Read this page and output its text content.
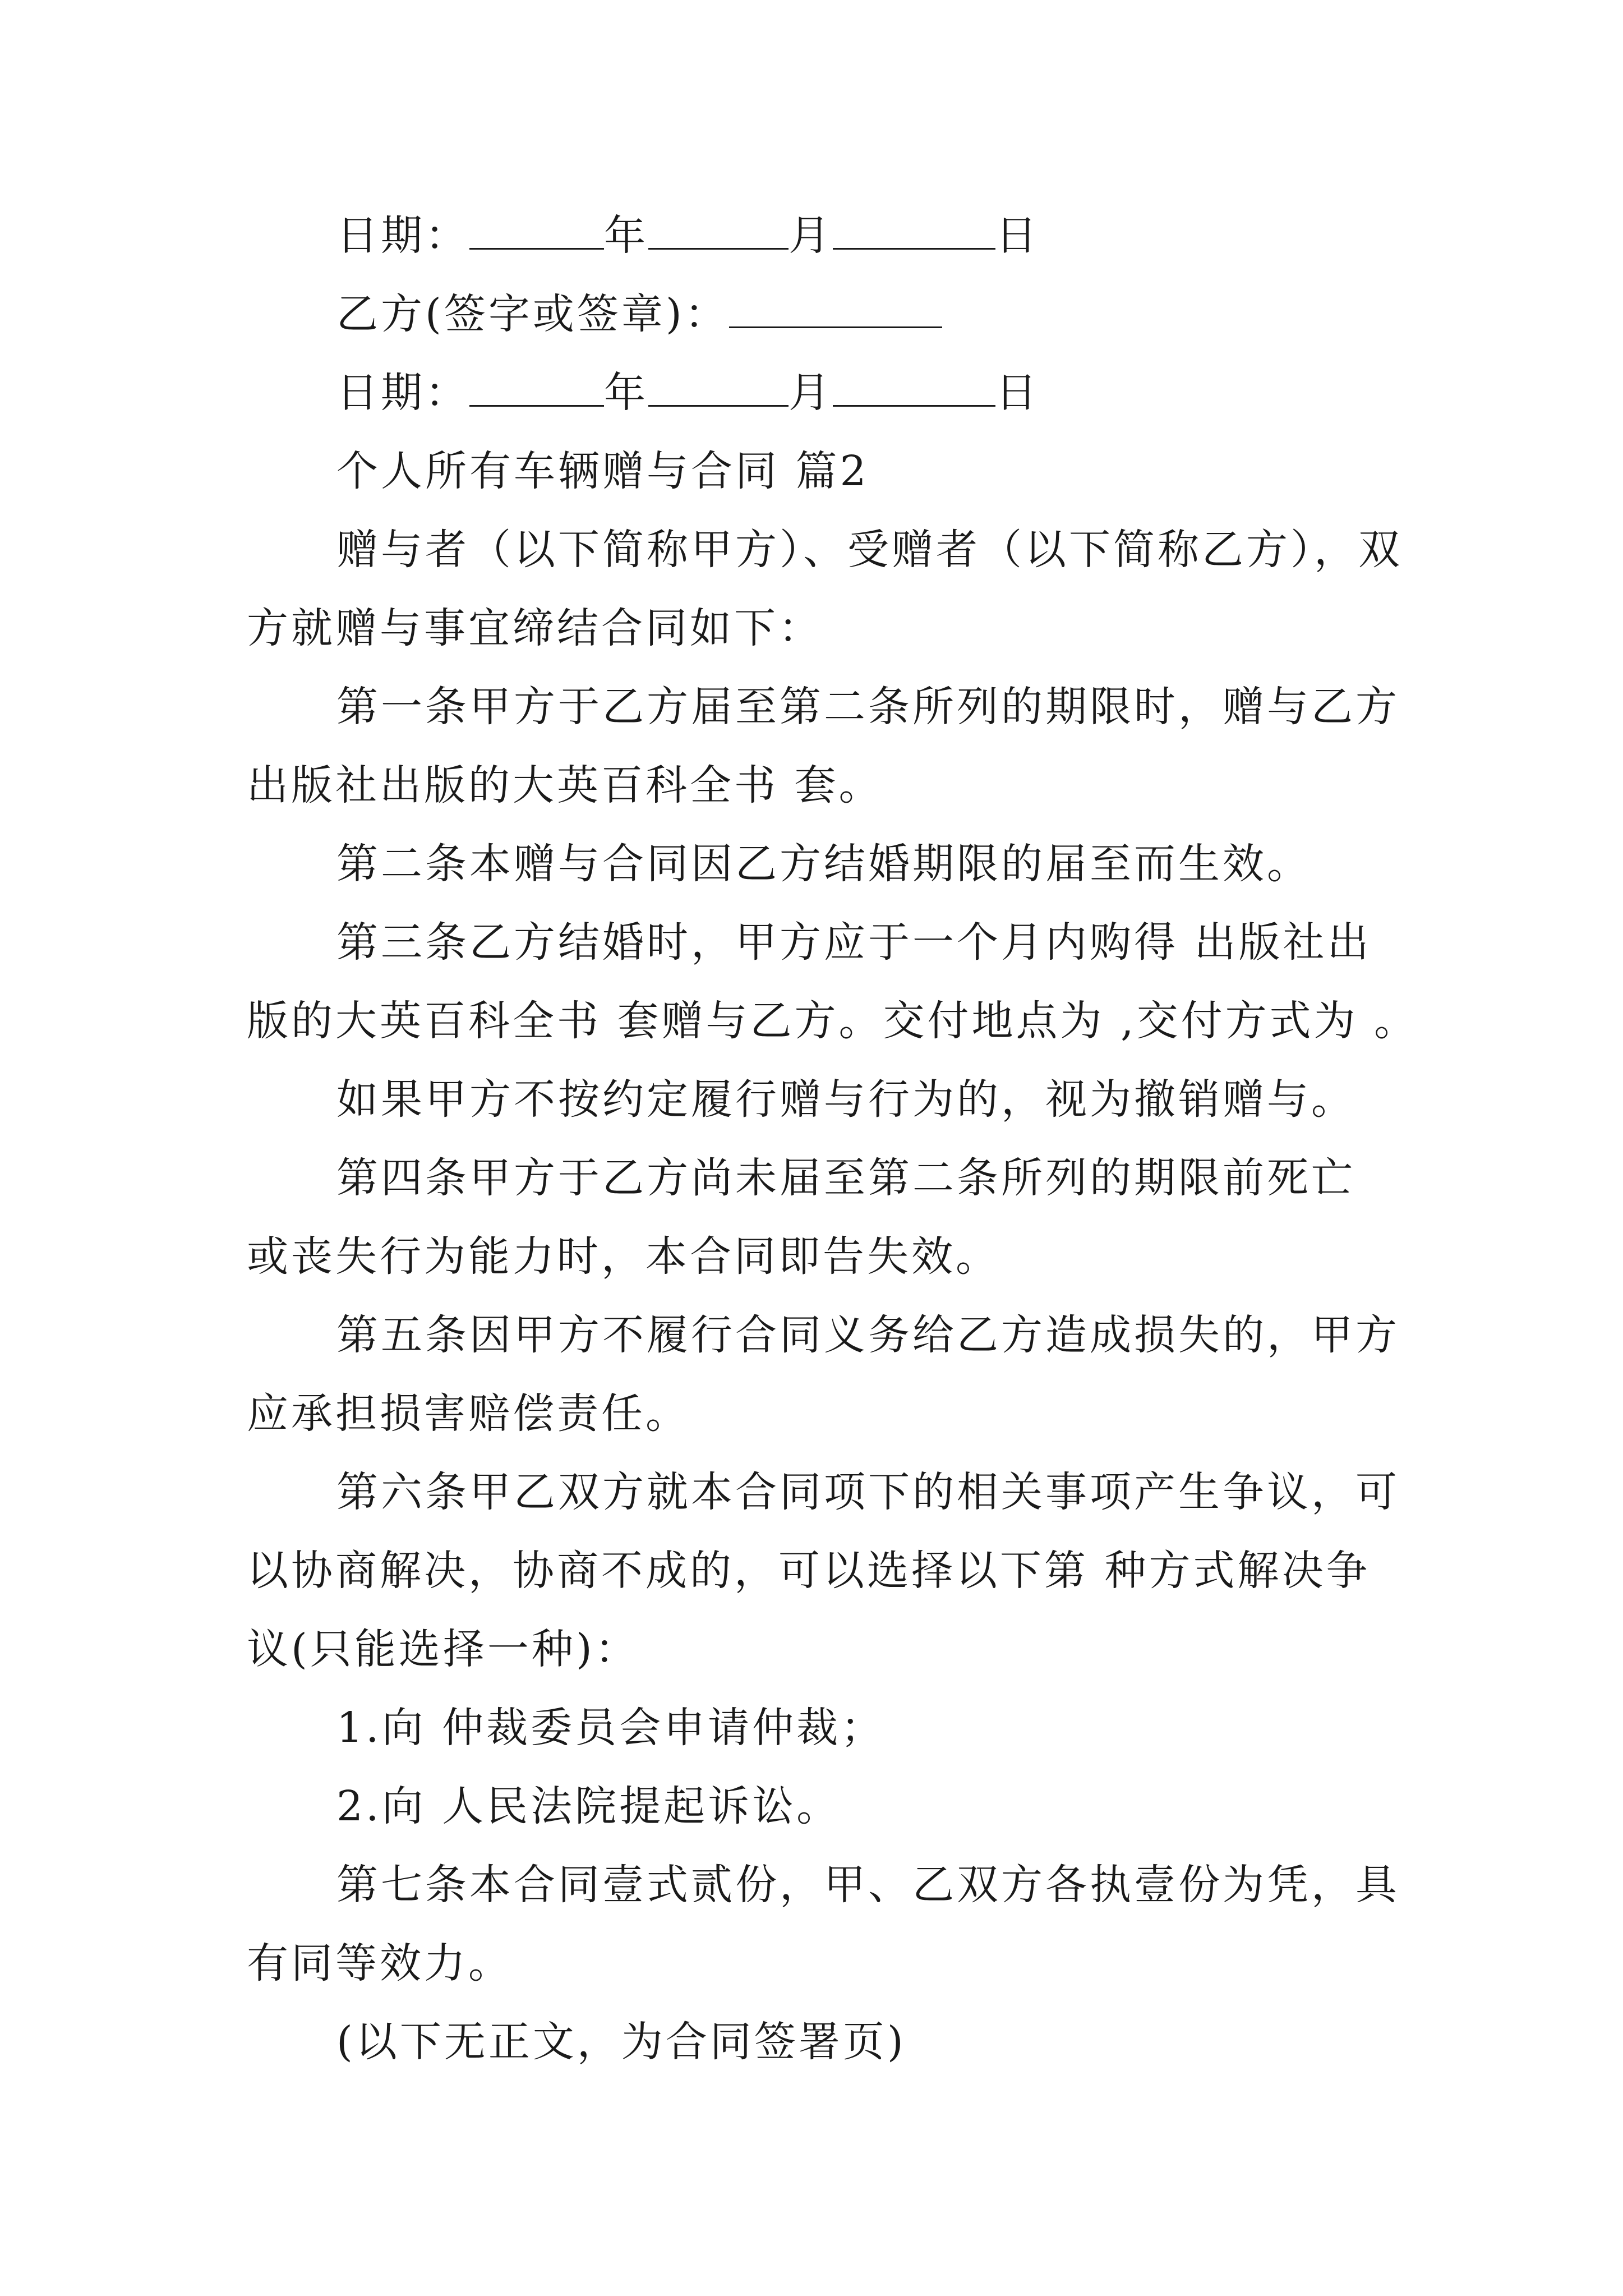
日期：	年	月	日
乙方(签字或签章)：
日期：	年	月	日
个人所有车辆赠与合同 篇2
赠与者（以下简称甲方）、受赠者（以下简称乙方），双
方就赠与事宜缔结合同如下：
第一条甲方于乙方届至第二条所列的期限时，赠与乙方
出版社出版的大英百科全书 套。
第二条本赠与合同因乙方结婚期限的届至而生效。
第三条乙方结婚时，甲方应于一个月内购得 出版社出
版的大英百科全书 套赠与乙方。交付地点为 ,交付方式为 。
如果甲方不按约定履行赠与行为的，视为撤销赠与。
第四条甲方于乙方尚未届至第二条所列的期限前死亡
或丧失行为能力时，本合同即告失效。
第五条因甲方不履行合同义务给乙方造成损失的，甲方
应承担损害赔偿责任。
第六条甲乙双方就本合同项下的相关事项产生争议，可
以协商解决，协商不成的，可以选择以下第 种方式解决争
议(只能选择一种)：
1.向 仲裁委员会申请仲裁；
2.向 人民法院提起诉讼。
第七条本合同壹式贰份，甲、乙双方各执壹份为凭，具
有同等效力。
(以下无正文，为合同签署页)
